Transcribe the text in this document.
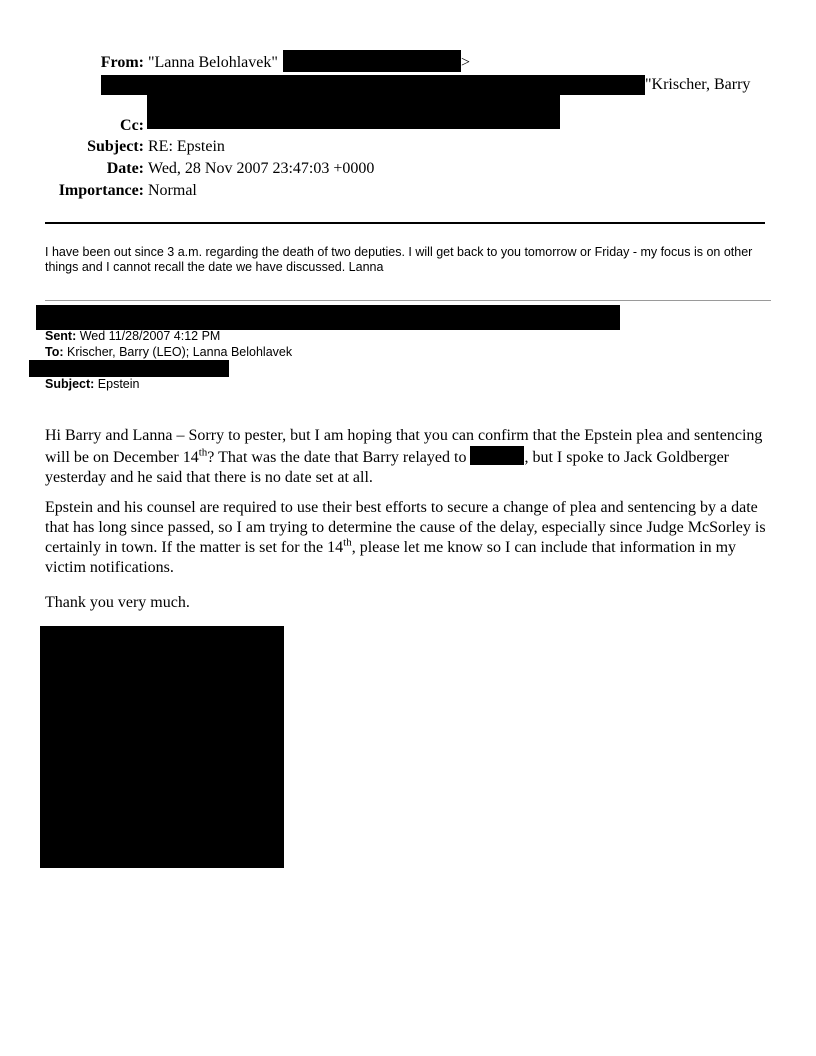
From: "Lanna Belohlavek"	>
"Krischer, Barry
Cc:
Subject: RE: Epstein
Date: Wed, 28 Nov 2007 23:47:03 +0000
Importance: Normal
I have been out since 3 a.m. regarding the death of two deputies. I will get back to you tomorrow or Friday - my focus is on other things and I cannot recall the date we have discussed. Lanna
Sent: Wed 11/28/2007 4:12 PM
To: Krischer, Barry (LEO); Lanna Belohlavek
Subject: Epstein
Hi Barry and Lanna – Sorry to pester, but I am hoping that you can confirm that the Epstein plea and sentencing will be on December 14th? That was the date that Barry relayed to	, but I spoke to Jack Goldberger yesterday and he said that there is no date set at all.
Epstein and his counsel are required to use their best efforts to secure a change of plea and sentencing by a date that has long since passed, so I am trying to determine the cause of the delay, especially since Judge McSorley is certainly in town. If the matter is set for the 14th, please let me know so I can include that information in my victim notifications.
Thank you very much.
